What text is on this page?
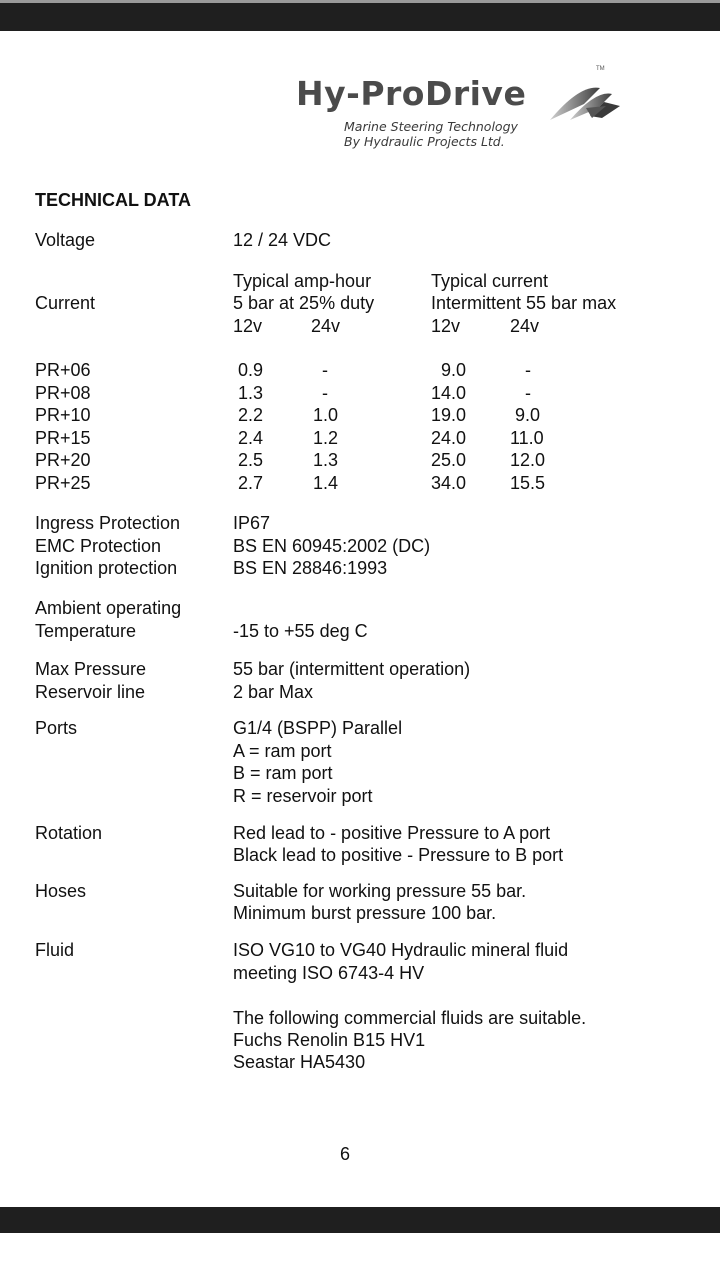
Hy-ProDrive
TM
Marine Steering Technology
By Hydraulic Projects Ltd.
TECHNICAL DATA
Voltage	12 / 24 VDC
Typical amp-hour	Typical current
Current	5 bar at 25% duty	Intermittent 55 bar max
12v	24v	12v	24v
PR+06	0.9	-	9.0	-
PR+08	1.3	-	14.0	-
PR+10	2.2	1.0	19.0	9.0
PR+15	2.4	1.2	24.0 11.0
PR+20	2.5	1.3	25.0 12.0
PR+25	2.7	1.4	34.0 15.5
Ingress Protection	IP67
EMC Protection	BS EN 60945:2002 (DC)
Ignition protection	BS EN 28846:1993
Ambient operating
Temperature	-15 to +55 deg C
Max Pressure	55 bar (intermittent operation)
Reservoir line	2 bar Max
Ports	G1/4 (BSPP) Parallel
A = ram port
B = ram port
R = reservoir port
Rotation	Red lead to - positive Pressure to A port
Black lead to positive - Pressure to B port
Hoses	Suitable for working pressure 55 bar.
Minimum burst pressure 100 bar.
Fluid	ISO VG10 to VG40 Hydraulic mineral fluid
meeting ISO 6743-4 HV
The following commercial fluids are suitable.
Fuchs Renolin B15 HV1
Seastar HA5430
6
